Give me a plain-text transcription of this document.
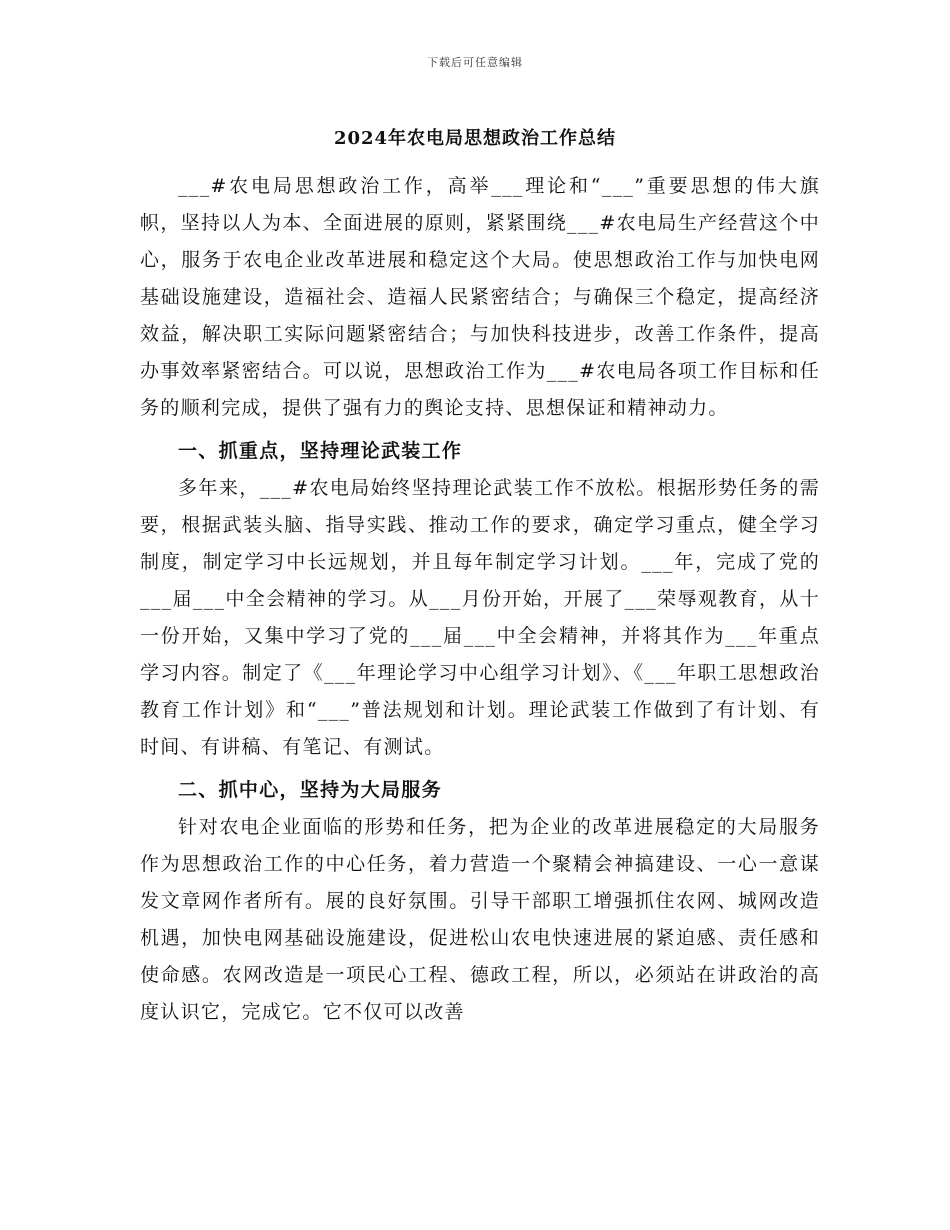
下载后可任意编辑
2024年农电局思想政治工作总结

___#农电局思想政治工作，高举___理论和“___”重要思想的伟大旗帜，坚持以人为本、全面进展的原则，紧紧围绕___#农电局生产经营这个中心，服务于农电企业改革进展和稳定这个大局。使思想政治工作与加快电网基础设施建设，造福社会、造福人民紧密结合；与确保三个稳定，提高经济效益，解决职工实际问题紧密结合；与加快科技进步，改善工作条件，提高办事效率紧密结合。可以说，思想政治工作为___#农电局各项工作目标和任务的顺利完成，提供了强有力的舆论支持、思想保证和精神动力。

一、抓重点，坚持理论武装工作

多年来，___#农电局始终坚持理论武装工作不放松。根据形势任务的需要，根据武装头脑、指导实践、推动工作的要求，确定学习重点，健全学习制度，制定学习中长远规划，并且每年制定学习计划。___年，完成了党的___届___中全会精神的学习。从___月份开始，开展了___荣辱观教育，从十一份开始，又集中学习了党的___届___中全会精神，并将其作为___年重点学习内容。制定了《___年理论学习中心组学习计划》、《___年职工思想政治教育工作计划》和“___”普法规划和计划。理论武装工作做到了有计划、有时间、有讲稿、有笔记、有测试。

二、抓中心，坚持为大局服务

针对农电企业面临的形势和任务，把为企业的改革进展稳定的大局服务作为思想政治工作的中心任务，着力营造一个聚精会神搞建设、一心一意谋发文章网作者所有。展的良好氛围。引导干部职工增强抓住农网、城网改造机遇，加快电网基础设施建设，促进松山农电快速进展的紧迫感、责任感和使命感。农网改造是一项民心工程、德政工程，所以，必须站在讲政治的高度认识它，完成它。它不仅可以改善
